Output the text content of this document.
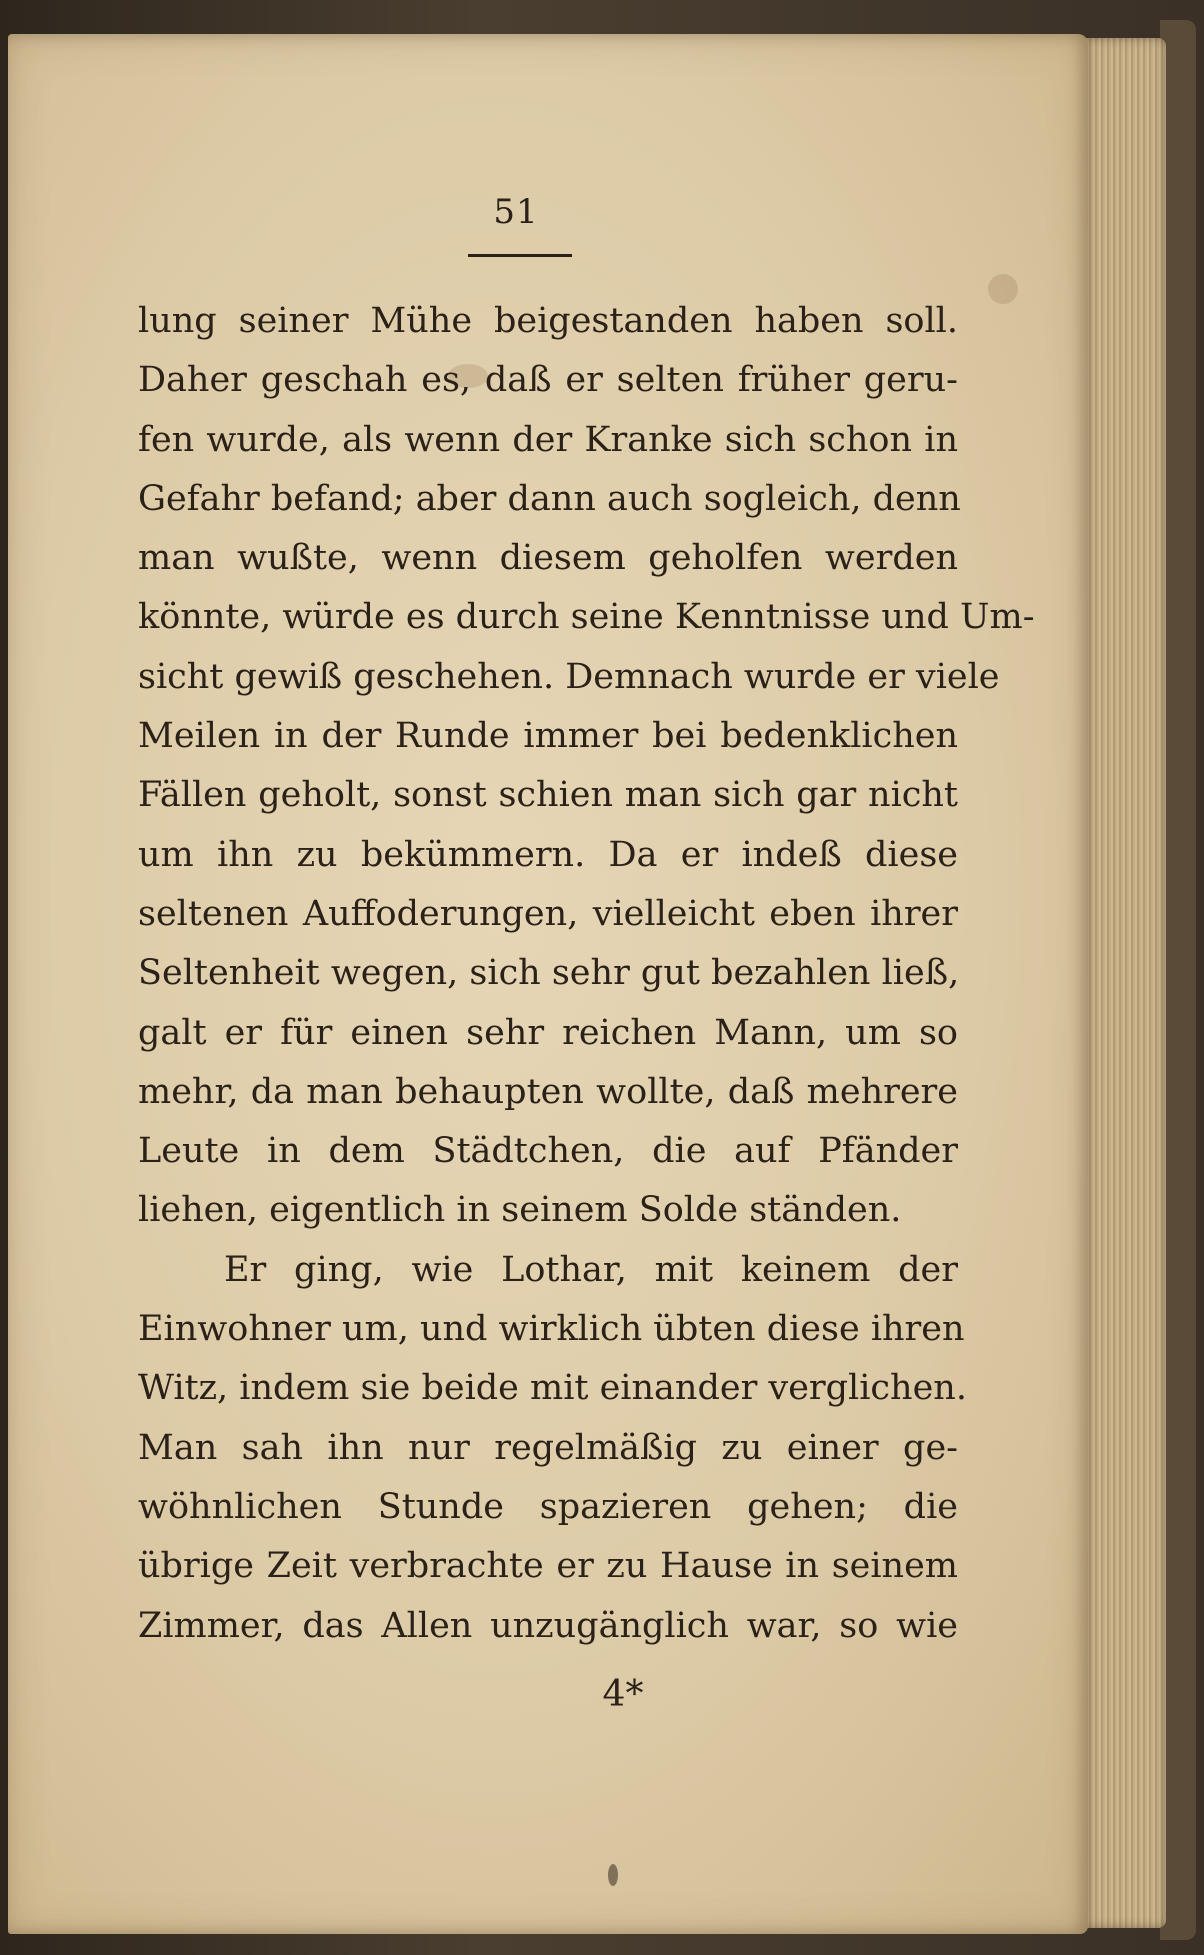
51
lung seiner Mühe beigestanden haben soll.
Daher geschah es, daß er selten früher geru-
fen wurde, als wenn der Kranke sich schon in
Gefahr befand; aber dann auch sogleich, denn
man wußte, wenn diesem geholfen werden
könnte, würde es durch seine Kenntnisse und Um-
sicht gewiß geschehen. Demnach wurde er viele
Meilen in der Runde immer bei bedenklichen
Fällen geholt, sonst schien man sich gar nicht
um ihn zu bekümmern. Da er indeß diese
seltenen Auffoderungen, vielleicht eben ihrer
Seltenheit wegen, sich sehr gut bezahlen ließ,
galt er für einen sehr reichen Mann, um so
mehr, da man behaupten wollte, daß mehrere
Leute in dem Städtchen, die auf Pfänder
liehen, eigentlich in seinem Solde ständen.
Er ging, wie Lothar, mit keinem der
Einwohner um, und wirklich übten diese ihren
Witz, indem sie beide mit einander verglichen.
Man sah ihn nur regelmäßig zu einer ge-
wöhnlichen Stunde spazieren gehen; die
übrige Zeit verbrachte er zu Hause in seinem
Zimmer, das Allen unzugänglich war, so wie
4*
